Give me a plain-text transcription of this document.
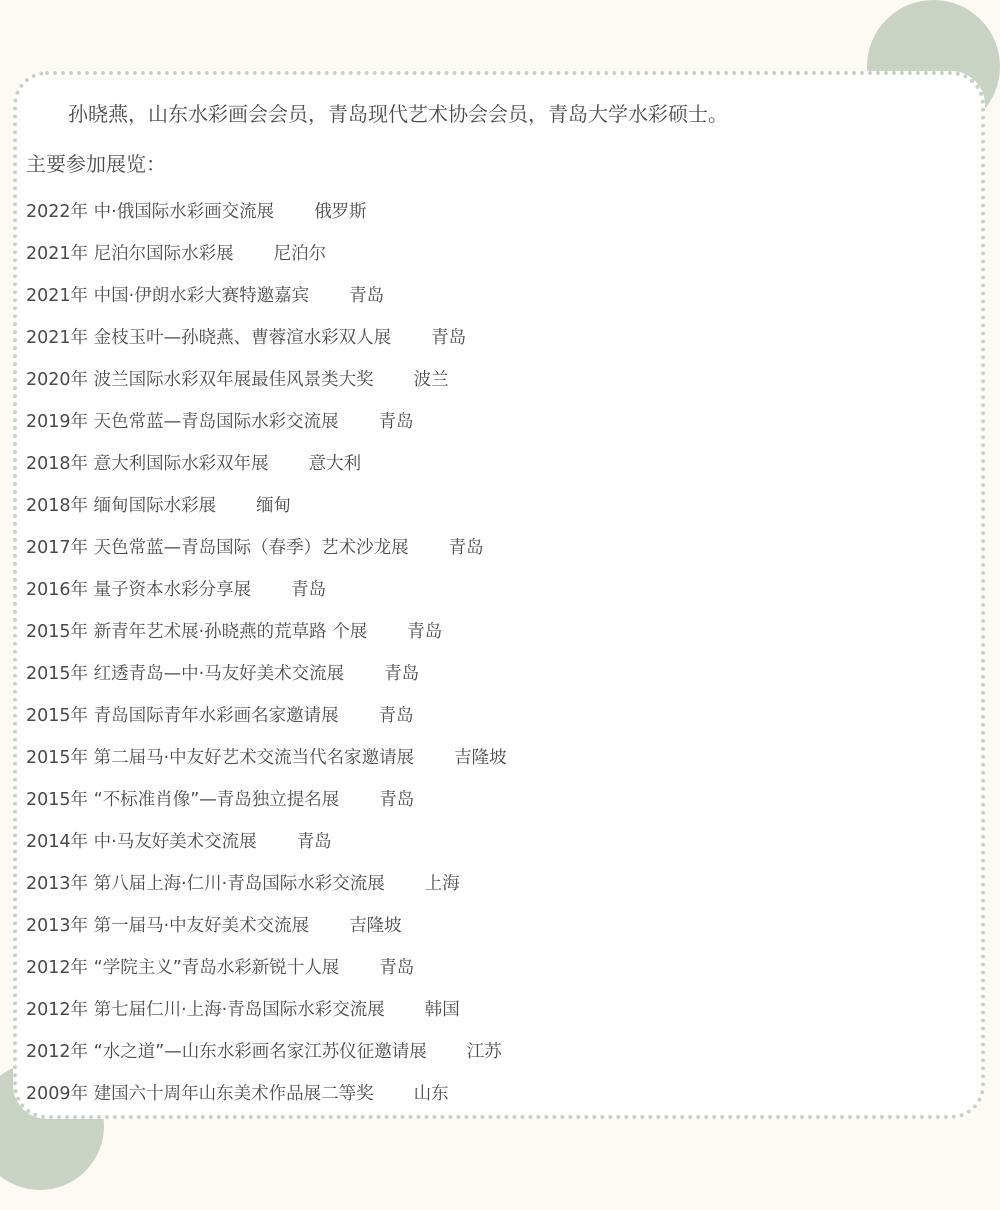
孙晓燕，山东水彩画会会员，青岛现代艺术协会会员，青岛大学水彩硕士。
主要参加展览：
2022年 中·俄国际水彩画交流展 俄罗斯
2021年 尼泊尔国际水彩展 尼泊尔
2021年 中国·伊朗水彩大赛特邀嘉宾 青岛
2021年 金枝玉叶—孙晓燕、曹蓉渲水彩双人展 青岛
2020年 波兰国际水彩双年展最佳风景类大奖 波兰
2019年 天色常蓝—青岛国际水彩交流展 青岛
2018年 意大利国际水彩双年展 意大利
2018年 缅甸国际水彩展 缅甸
2017年 天色常蓝—青岛国际（春季）艺术沙龙展 青岛
2016年 量子资本水彩分享展 青岛
2015年 新青年艺术展·孙晓燕的荒草路 个展 青岛
2015年 红透青岛—中·马友好美术交流展 青岛
2015年 青岛国际青年水彩画名家邀请展 青岛
2015年 第二届马·中友好艺术交流当代名家邀请展 吉隆坡
2015年 “不标准肖像”—青岛独立提名展 青岛
2014年 中·马友好美术交流展 青岛
2013年 第八届上海·仁川·青岛国际水彩交流展 上海
2013年 第一届马·中友好美术交流展 吉隆坡
2012年 “学院主义”青岛水彩新锐十人展 青岛
2012年 第七届仁川·上海·青岛国际水彩交流展 韩国
2012年 “水之道”—山东水彩画名家江苏仪征邀请展 江苏
2009年 建国六十周年山东美术作品展二等奖 山东
